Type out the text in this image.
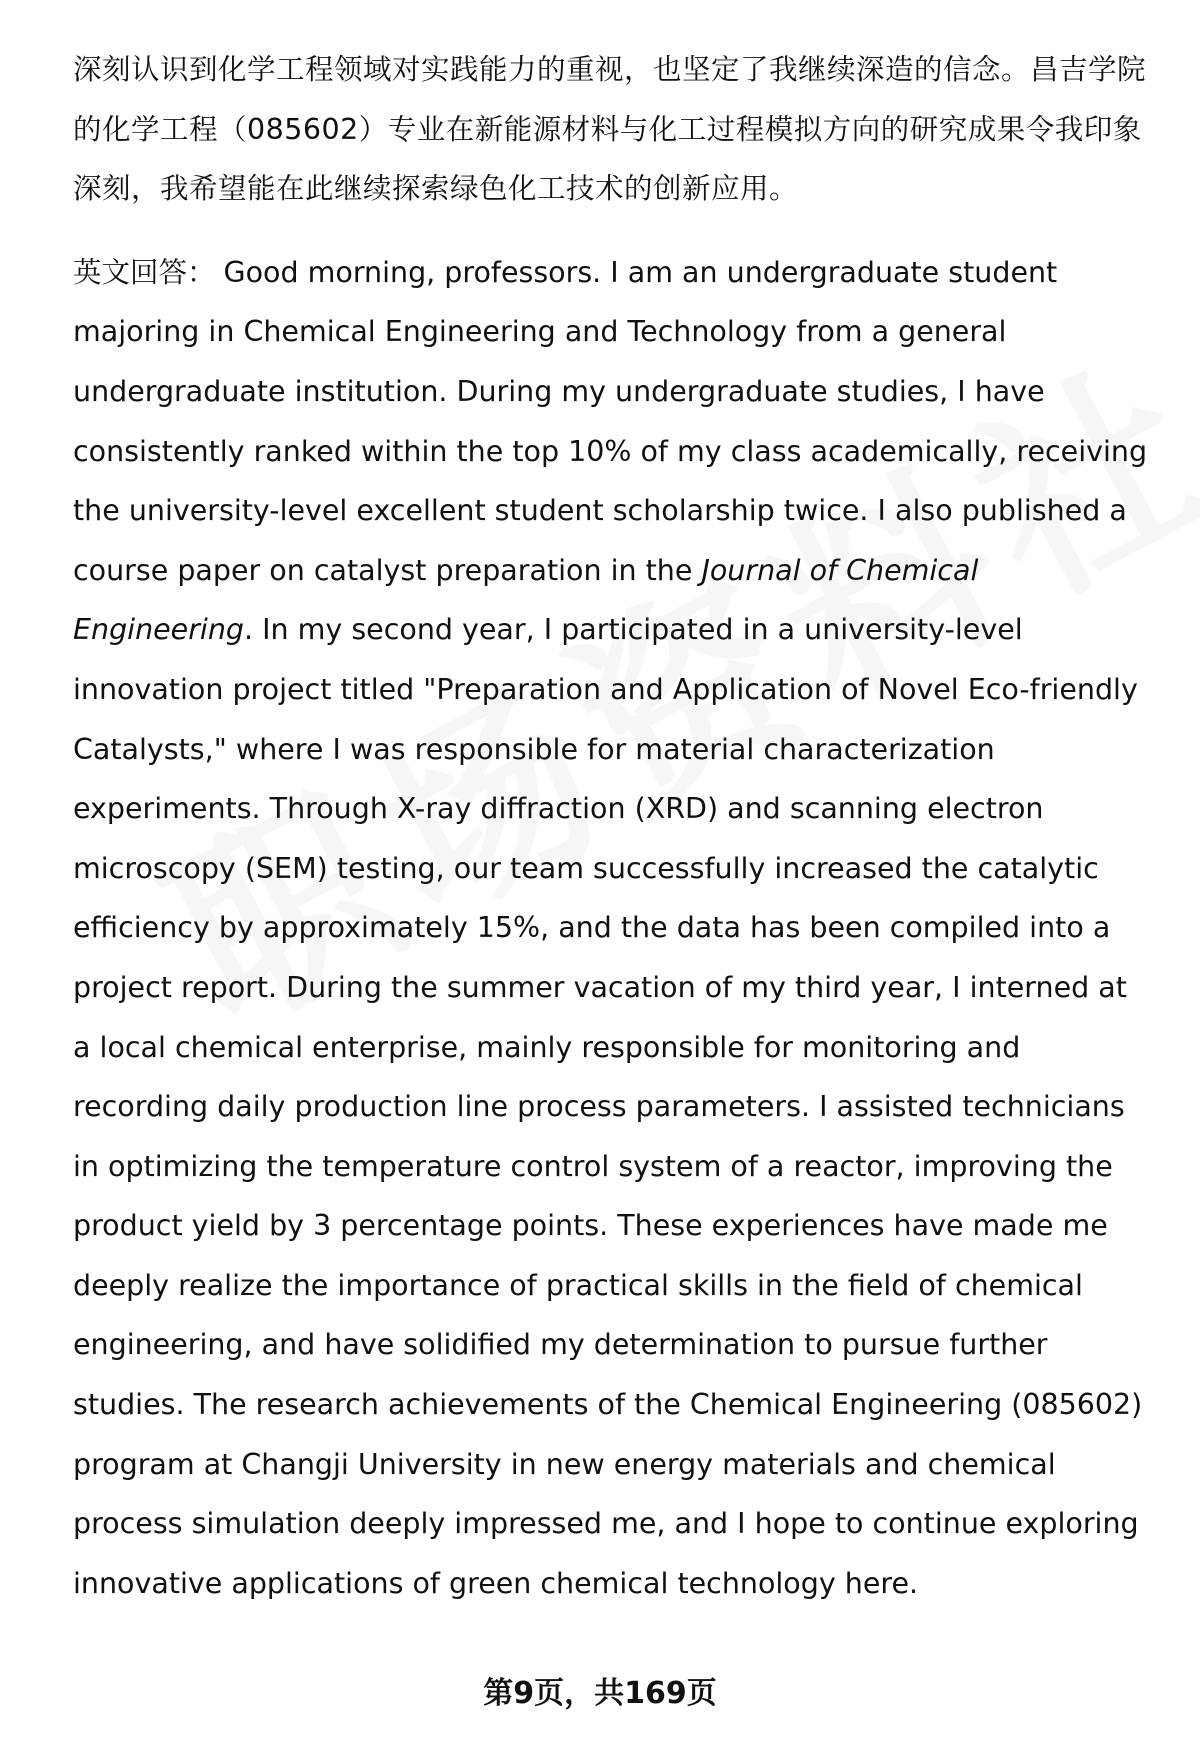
深刻认识到化学工程领域对实践能力的重视，也坚定了我继续深造的信念。昌吉学院的化学工程（085602）专业在新能源材料与化工过程模拟方向的研究成果令我印象深刻，我希望能在此继续探索绿色化工技术的创新应用。

英文回答： Good morning, professors. I am an undergraduate student majoring in Chemical Engineering and Technology from a general undergraduate institution. During my undergraduate studies, I have consistently ranked within the top 10% of my class academically, receiving the university-level excellent student scholarship twice. I also published a course paper on catalyst preparation in the Journal of Chemical Engineering. In my second year, I participated in a university-level innovation project titled "Preparation and Application of Novel Eco-friendly Catalysts," where I was responsible for material characterization experiments. Through X-ray diffraction (XRD) and scanning electron microscopy (SEM) testing, our team successfully increased the catalytic efficiency by approximately 15%, and the data has been compiled into a project report. During the summer vacation of my third year, I interned at a local chemical enterprise, mainly responsible for monitoring and recording daily production line process parameters. I assisted technicians in optimizing the temperature control system of a reactor, improving the product yield by 3 percentage points. These experiences have made me deeply realize the importance of practical skills in the field of chemical engineering, and have solidified my determination to pursue further studies. The research achievements of the Chemical Engineering (085602) program at Changji University in new energy materials and chemical process simulation deeply impressed me, and I hope to continue exploring innovative applications of green chemical technology here.

第9页，共169页
